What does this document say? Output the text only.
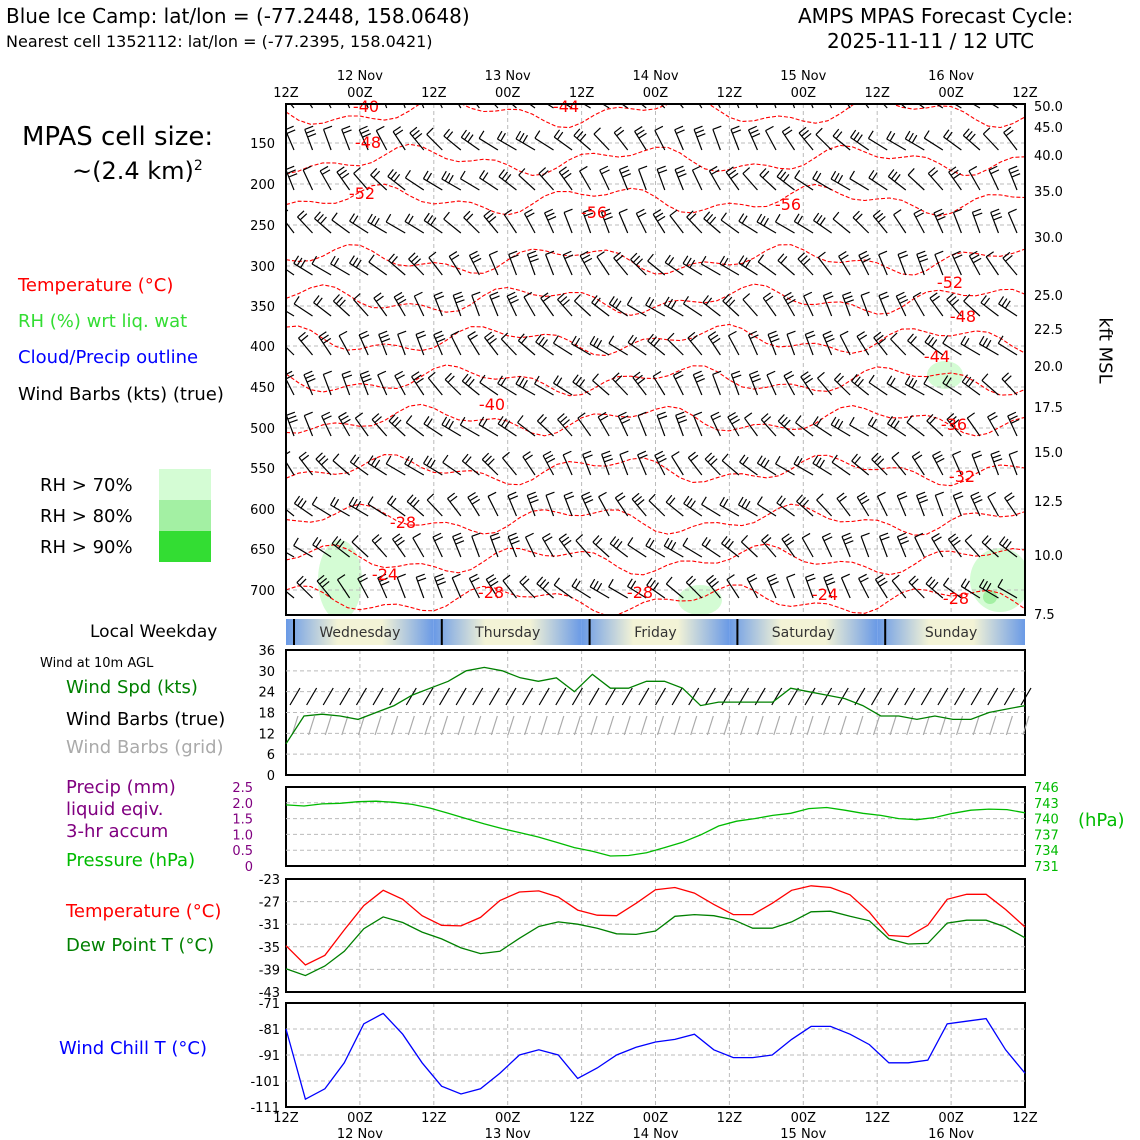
Blue Ice Camp: lat/lon = (-77.2448, 158.0648)
Nearest cell 1352112: lat/lon = (-77.2395, 158.0421)
AMPS MPAS Forecast Cycle:
2025-11-11 / 12 UTC
MPAS cell size:
~(2.4 km)$^2$
Temperature (°C)
RH (%) wrt liq. wat
Cloud/Precip outline
Wind Barbs (kts) (true)
RH > 70%
RH > 80%
RH > 90%
Local Weekday
Wind at 10m AGL
Wind Spd (kts)
Wind Barbs (true)
Wind Barbs (grid)
Precip (mm)
liquid eqiv.
3-hr accum
Pressure (hPa)
Temperature (°C)
Dew Point T (°C)
Wind Chill T (°C)
(hPa)
kft MSL
-40
-44
-48
-52
-56	-56
-52
-48
-44
-40
-36
-32
-28
-24
-28	-28	-24	-28
150
200
250
300
350
400
450
500
550
600
650
700
50.0
45.0
40.0
35.0
30.0
25.0
22.5
20.0
17.5
15.0
12.5
10.0
7.5
12Z	00Z	12Z	00Z	12Z	00Z	12Z	00Z	12Z	00Z	12Z
12 Nov	13 Nov	14 Nov	15 Nov	16 Nov
12Z	00Z	12Z	00Z	12Z	00Z	12Z	00Z	12Z	00Z	12Z
12 Nov	13 Nov	14 Nov	15 Nov	16 Nov
Wednesday	Thursday	Friday	Saturday	Sunday
36
30
24
18
12
6
0
2.5
2.0
1.5
1.0
0.5
0
746
743
740
737
734
731
-23
-27
-31
-35
-39
-43
-71
-81
-91
-101
-111
